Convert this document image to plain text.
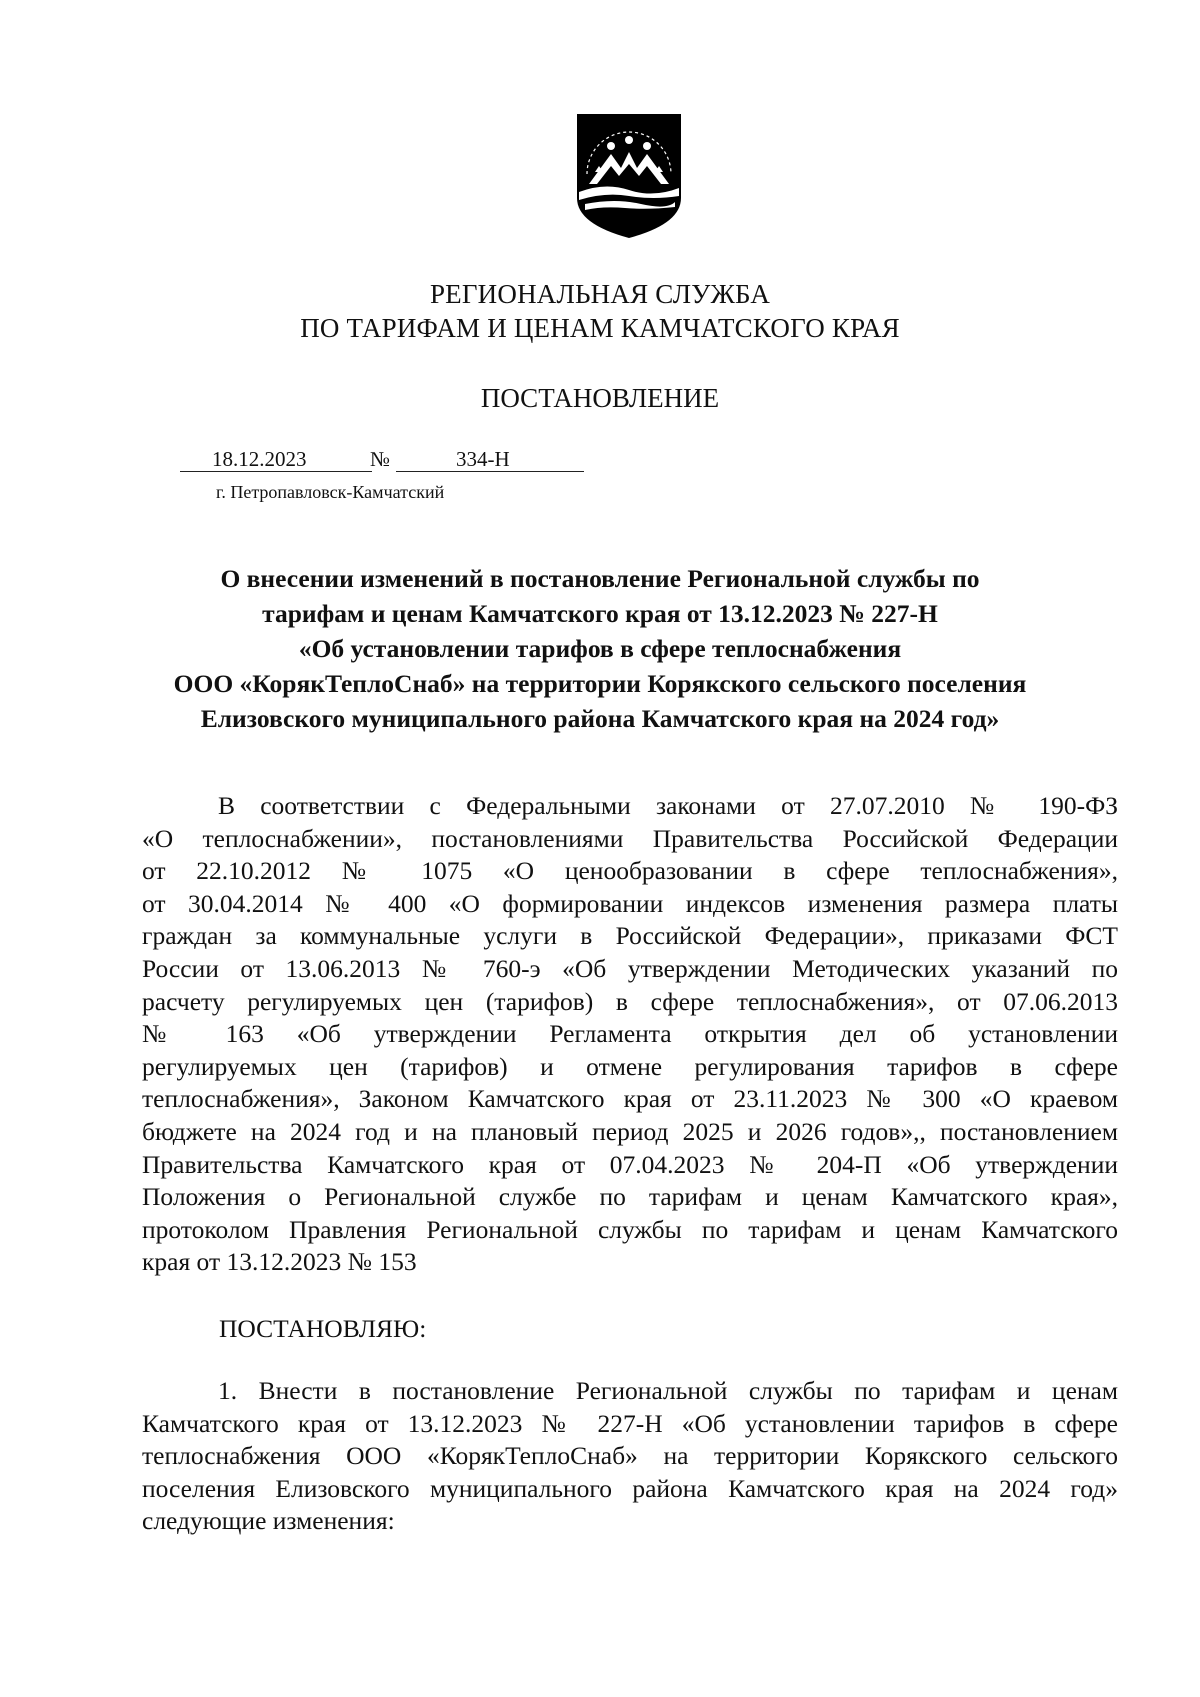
РЕГИОНАЛЬНАЯ СЛУЖБА
ПО ТАРИФАМ И ЦЕНАМ КАМЧАТСКОГО КРАЯ
ПОСТАНОВЛЕНИЕ
18.12.2023	№	334-Н
г. Петропавловск-Камчатский
О внесении изменений в постановление Региональной службы по
тарифам и ценам Камчатского края от 13.12.2023 № 227-Н
«Об установлении тарифов в сфере теплоснабжения
ООО «КорякТеплоСнаб» на территории Корякского сельского поселения
Елизовского муниципального района Камчатского края на 2024 год»
В соответствии с Федеральными законами от 27.07.2010 № 190-ФЗ
«О теплоснабжении», постановлениями Правительства Российской Федерации
от 22.10.2012 № 1075 «О ценообразовании в сфере теплоснабжения»,
от 30.04.2014 № 400 «О формировании индексов изменения размера платы
граждан за коммунальные услуги в Российской Федерации», приказами ФСТ
России от 13.06.2013 № 760-э «Об утверждении Методических указаний по
расчету регулируемых цен (тарифов) в сфере теплоснабжения», от 07.06.2013
№ 163 «Об утверждении Регламента открытия дел об установлении
регулируемых цен (тарифов) и отмене регулирования тарифов в сфере
теплоснабжения», Законом Камчатского края от 23.11.2023 № 300 «О краевом
бюджете на 2024 год и на плановый период 2025 и 2026 годов»,, постановлением
Правительства Камчатского края от 07.04.2023 № 204-П «Об утверждении
Положения о Региональной службе по тарифам и ценам Камчатского края»,
протоколом Правления Региональной службы по тарифам и ценам Камчатского
края от 13.12.2023 № 153
ПОСТАНОВЛЯЮ:
1. Внести в постановление Региональной службы по тарифам и ценам
Камчатского края от 13.12.2023 № 227-Н «Об установлении тарифов в сфере
теплоснабжения ООО «КорякТеплоСнаб» на территории Корякского сельского
поселения Елизовского муниципального района Камчатского края на 2024 год»
следующие изменения:
